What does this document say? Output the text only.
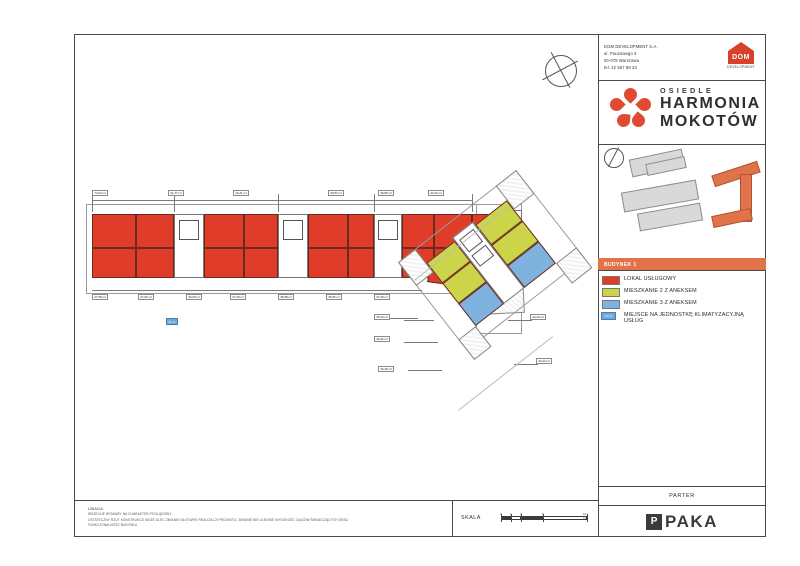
DOM DEVELOPMENT S.A.
ul. Pauzowego 3
00-078 Warszawa
tel. 22 557 88 33
DOM
DEVELOPMENT
OSIEDLE
HARMONIA
MOKOTÓW
BUDYNEK 1
LOKAL USŁUGOWY
MIESZKANIE 2 Z ANEKSEM
MIESZKANIE 3 Z ANEKSEM
J.K.U.	MIEJSCE NA JEDNOSTKĘ KLIMATYZACYJNĄ USŁUG
PARTER
P PAKA
UWAGA:
WSZELKIE WYMIARY NA CHARAKTER POGLĄDOWY.
OSTATECZNY RZUT KONSTRUKCJI MOŻE ULEC ZMIANIE NA ETAPIE REALIZACJI PROJEKTU. ZMIANIE NIE ULEGNIE WYSOKOŚĆ CIĄGÓW ŚWIADCZĄCYCH ORAZ
FUNKCJONALNOŚĆ BUDYNKU.
SKALA
0	1	2	5	10 m
74,64 m²	31,27 m²	44,21 m²	39,53 m²	39,86 m²	44,22 m²
27,58 m²	27,06 m²	34,09 m²	27,29 m²	35,98 m²	35,96 m²	27,39 m²
35,44 m²
46,92 m²
40,46 m²
44,22 m²
44,22 m²
J.K.U.
